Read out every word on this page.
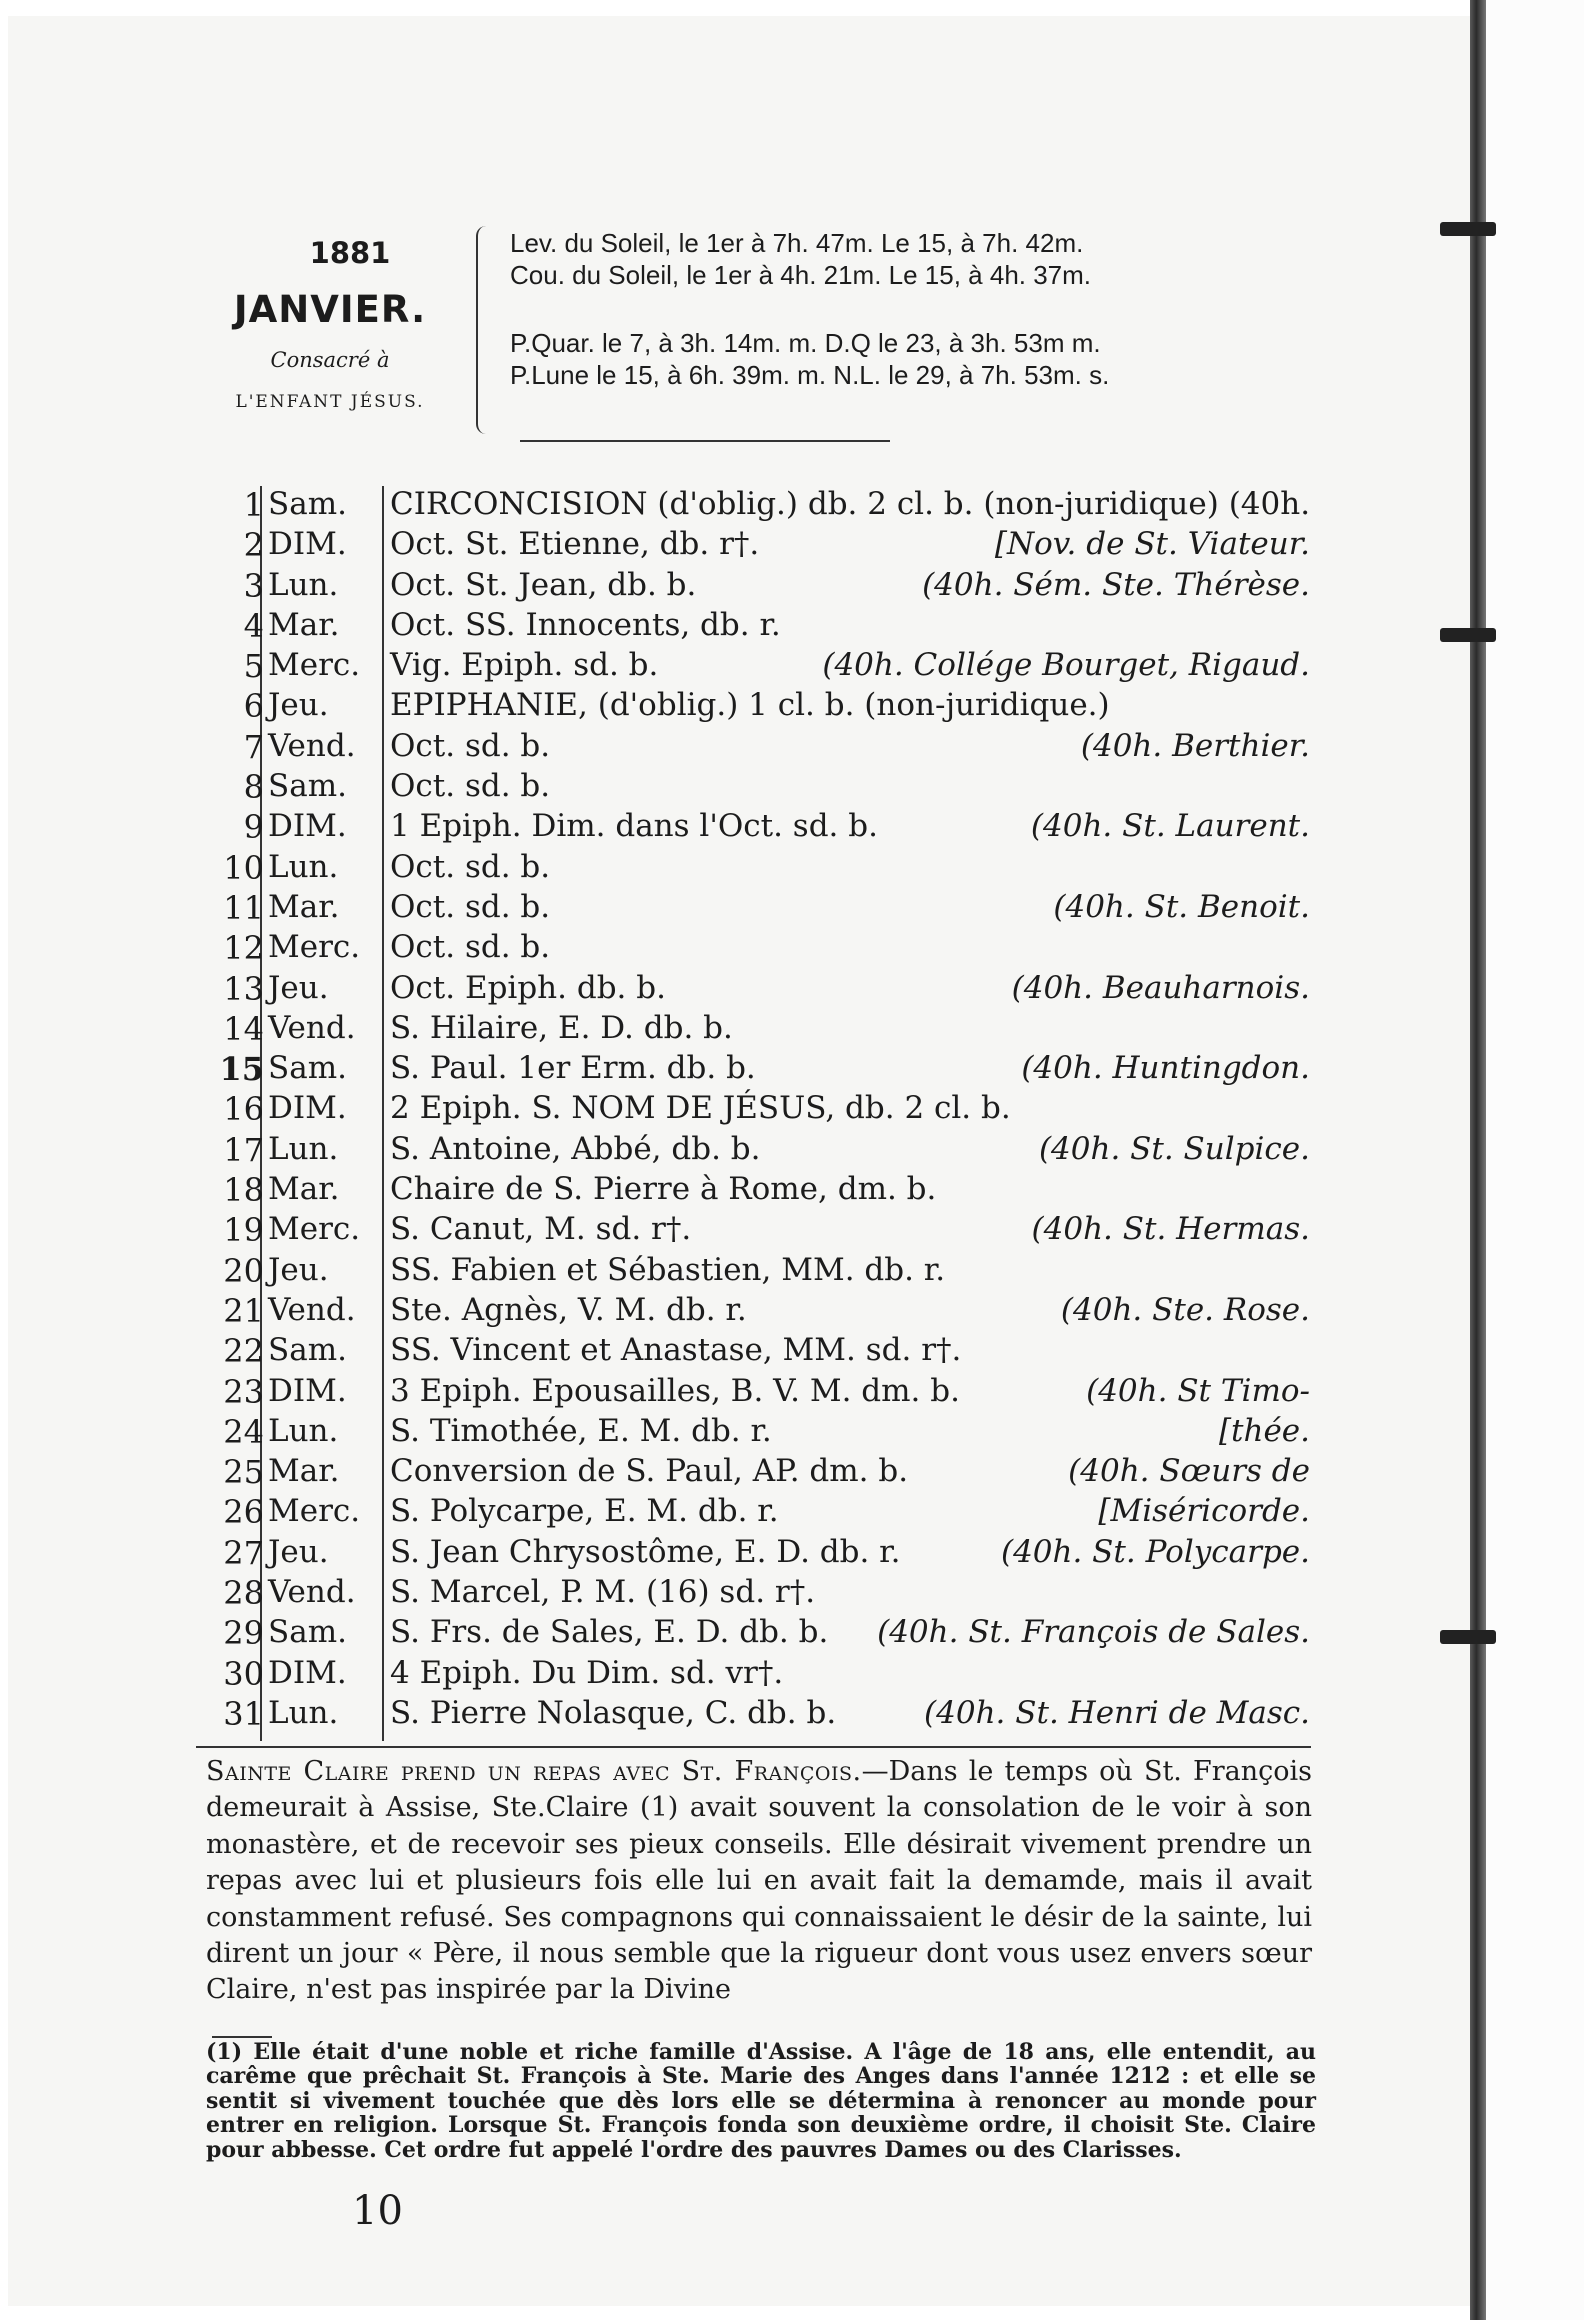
1881
JANVIER.
Consacré à
L'ENFANT JÉSUS.
Lev. du Soleil, le 1er à 7h. 47m. Le 15, à 7h. 42m.
Cou. du Soleil, le 1er à 4h. 21m. Le 15, à 4h. 37m.
P.Quar. le 7, à 3h. 14m. m. D.Q le 23, à 3h. 53m m.
P.Lune le 15, à 6h. 39m. m. N.L. le 29, à 7h. 53m. s.
1 Sam. CIRCONCISION (d'oblig.) db. 2 cl. b. (non-juridique) (40h.
2 DIM. Oct. St. Etienne, db. r†.	[Nov. de St. Viateur.
3 Lun. Oct. St. Jean, db. b.	(40h. Sém. Ste. Thérèse.
4 Mar. Oct. SS. Innocents, db. r.
5 Merc. Vig. Epiph. sd. b.	(40h. Collége Bourget, Rigaud.
6 Jeu. EPIPHANIE, (d'oblig.) 1 cl. b. (non-juridique.)
7 Vend. Oct. sd. b.	(40h. Berthier.
8 Sam. Oct. sd. b.
9 DIM. 1 Epiph. Dim. dans l'Oct. sd. b.	(40h. St. Laurent.
10 Lun. Oct. sd. b.
11 Mar. Oct. sd. b.	(40h. St. Benoit.
12 Merc. Oct. sd. b.
13 Jeu. Oct. Epiph. db. b.	(40h. Beauharnois.
14 Vend. S. Hilaire, E. D. db. b.
15 Sam. S. Paul. 1er Erm. db. b.	(40h. Huntingdon.
16 DIM. 2 Epiph. S. NOM DE JÉSUS, db. 2 cl. b.
17 Lun. S. Antoine, Abbé, db. b.	(40h. St. Sulpice.
18 Mar. Chaire de S. Pierre à Rome, dm. b.
19 Merc. S. Canut, M. sd. r†.	(40h. St. Hermas.
20 Jeu. SS. Fabien et Sébastien, MM. db. r.
21 Vend. Ste. Agnès, V. M. db. r.	(40h. Ste. Rose.
22 Sam. SS. Vincent et Anastase, MM. sd. r†.
23 DIM. 3 Epiph. Epousailles, B. V. M. dm. b.	(40h. St Timo-
24 Lun. S. Timothée, E. M. db. r.	[thée.
25 Mar. Conversion de S. Paul, AP. dm. b.	(40h. Sœurs de
26 Merc. S. Polycarpe, E. M. db. r.	[Miséricorde.
27 Jeu. S. Jean Chrysostôme, E. D. db. r.	(40h. St. Polycarpe.
28 Vend. S. Marcel, P. M. (16) sd. r†.
29 Sam. S. Frs. de Sales, E. D. db. b. (40h. St. François de Sales.
30 DIM. 4 Epiph. Du Dim. sd. vr†.
31 Lun. S. Pierre Nolasque, C. db. b.	(40h. St. Henri de Masc.
Sainte Claire prend un repas avec St. François.—Dans le temps où St. François demeurait à Assise, Ste.Claire (1) avait souvent la consolation de le voir à son monastère, et de recevoir ses pieux conseils. Elle désirait vivement prendre un repas avec lui et plusieurs fois elle lui en avait fait la demamde, mais il avait constamment refusé. Ses compagnons qui connaissaient le désir de la sainte, lui dirent un jour « Père, il nous semble que la rigueur dont vous usez envers sœur Claire, n'est pas inspirée par la Divine
(1) Elle était d'une noble et riche famille d'Assise. A l'âge de 18 ans, elle entendit, au carême que prêchait St. François à Ste. Marie des Anges dans l'année 1212 : et elle se sentit si vivement touchée que dès lors elle se détermina à renoncer au monde pour entrer en religion. Lorsque St. François fonda son deuxième ordre, il choisit Ste. Claire pour abbesse. Cet ordre fut appelé l'ordre des pauvres Dames ou des Clarisses.
10
